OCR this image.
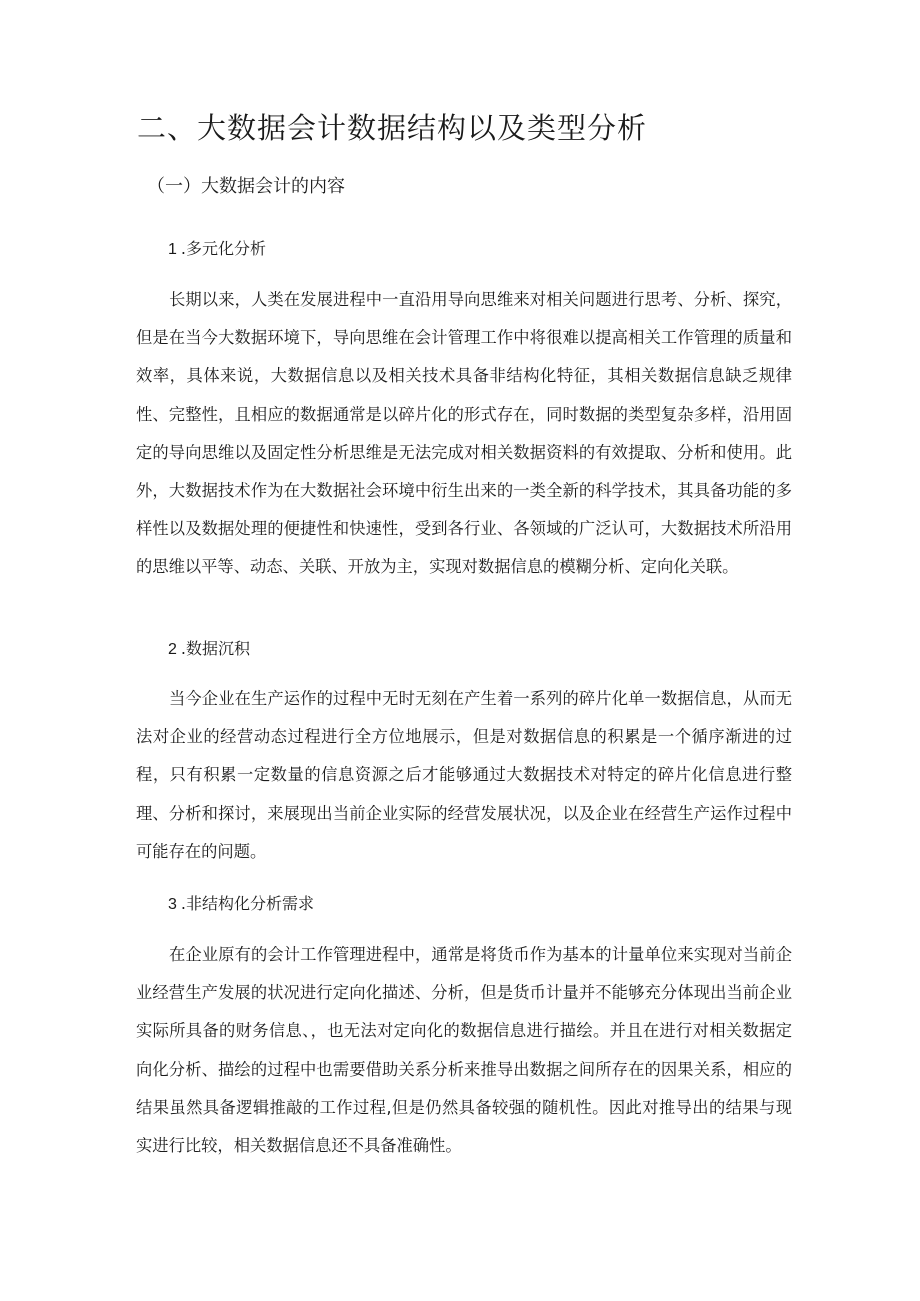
二、大数据会计数据结构以及类型分析
（一）大数据会计的内容
1 .多元化分析

长期以来，人类在发展进程中一直沿用导向思维来对相关问题进行思考、分析、探究，但是在当今大数据环境下，导向思维在会计管理工作中将很难以提高相关工作管理的质量和效率，具体来说，大数据信息以及相关技术具备非结构化特征，其相关数据信息缺乏规律性、完整性，且相应的数据通常是以碎片化的形式存在，同时数据的类型复杂多样，沿用固定的导向思维以及固定性分析思维是无法完成对相关数据资料的有效提取、分析和使用。此外，大数据技术作为在大数据社会环境中衍生出来的一类全新的科学技术，其具备功能的多样性以及数据处理的便捷性和快速性，受到各行业、各领域的广泛认可，大数据技术所沿用的思维以平等、动态、关联、开放为主，实现对数据信息的模糊分析、定向化关联。

2 .数据沉积

当今企业在生产运作的过程中无时无刻在产生着一系列的碎片化单一数据信息，从而无法对企业的经营动态过程进行全方位地展示，但是对数据信息的积累是一个循序渐进的过程，只有积累一定数量的信息资源之后才能够通过大数据技术对特定的碎片化信息进行整理、分析和探讨，来展现出当前企业实际的经营发展状况，以及企业在经营生产运作过程中可能存在的问题。

3 .非结构化分析需求

在企业原有的会计工作管理进程中，通常是将货币作为基本的计量单位来实现对当前企业经营生产发展的状况进行定向化描述、分析，但是货币计量并不能够充分体现出当前企业实际所具备的财务信息、，也无法对定向化的数据信息进行描绘。并且在进行对相关数据定向化分析、描绘的过程中也需要借助关系分析来推导出数据之间所存在的因果关系，相应的结果虽然具备逻辑推敲的工作过程,但是仍然具备较强的随机性。因此对推导出的结果与现实进行比较，相关数据信息还不具备准确性。
